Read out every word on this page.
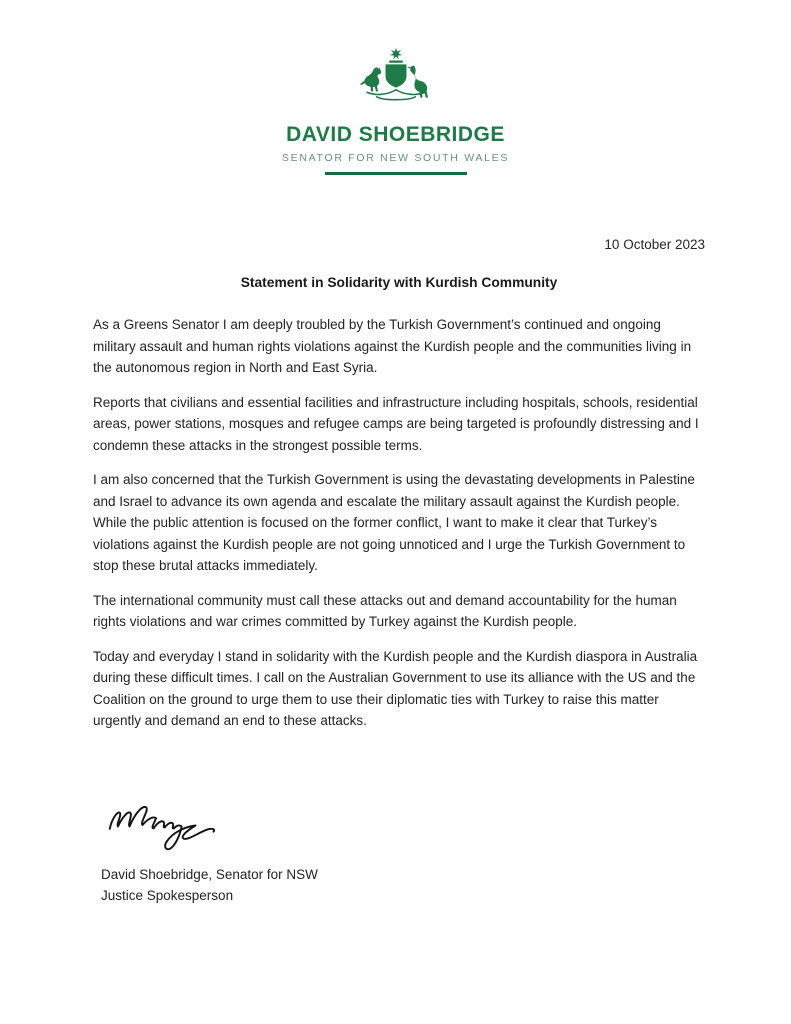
DAVID SHOEBRIDGE
SENATOR FOR NEW SOUTH WALES
10 October 2023
Statement in Solidarity with Kurdish Community

As a Greens Senator I am deeply troubled by the Turkish Government’s continued and ongoing military assault and human rights violations against the Kurdish people and the communities living in the autonomous region in North and East Syria.

Reports that civilians and essential facilities and infrastructure including hospitals, schools, residential areas, power stations, mosques and refugee camps are being targeted is profoundly distressing and I condemn these attacks in the strongest possible terms.

I am also concerned that the Turkish Government is using the devastating developments in Palestine and Israel to advance its own agenda and escalate the military assault against the Kurdish people. While the public attention is focused on the former conflict, I want to make it clear that Turkey’s violations against the Kurdish people are not going unnoticed and I urge the Turkish Government to stop these brutal attacks immediately.

The international community must call these attacks out and demand accountability for the human rights violations and war crimes committed by Turkey against the Kurdish people.

Today and everyday I stand in solidarity with the Kurdish people and the Kurdish diaspora in Australia during these difficult times. I call on the Australian Government to use its alliance with the US and the Coalition on the ground to urge them to use their diplomatic ties with Turkey to raise this matter urgently and demand an end to these attacks.

David Shoebridge, Senator for NSW
Justice Spokesperson
